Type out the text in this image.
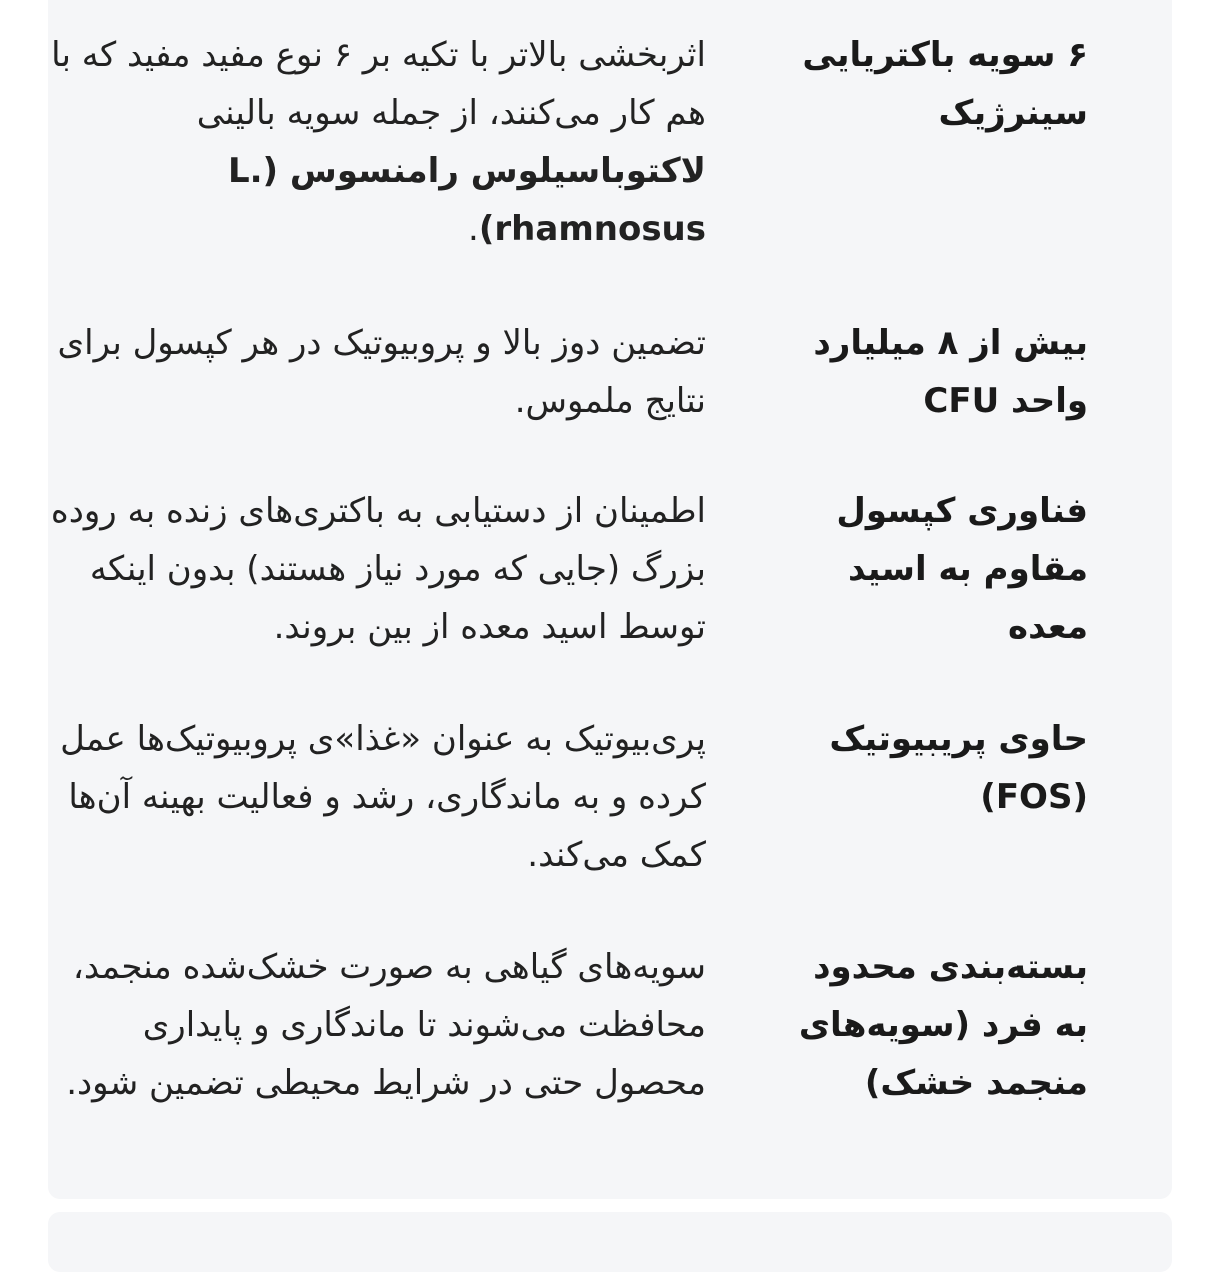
۶ سویه باکتریایی سینرژیک
اثربخشی بالاتر با تکیه بر ۶ نوع مفید مفید که با هم کار می‌کنند، از جمله سویه بالینی لاکتوباسیلوس رامنسوس (L. rhamnosus).
بیش از ۸ میلیارد واحد CFU
تضمین دوز بالا و پروبیوتیک در هر کپسول برای نتایج ملموس.
فناوری کپسول مقاوم به اسید معده
اطمینان از دستیابی به باکتری‌های زنده به روده بزرگ (جایی که مورد نیاز هستند) بدون اینکه توسط اسید معده از بین بروند.
حاوی پریبیوتیک (FOS)
پری‌بیوتیک به عنوان «غذا»ی پروبیوتیک‌ها عمل کرده و به ماندگاری، رشد و فعالیت بهینه آن‌ها کمک می‌کند.
بسته‌بندی محدود به فرد (سویه‌های منجمد خشک)
سویه‌های گیاهی به صورت خشک‌شده منجمد، محافظت می‌شوند تا ماندگاری و پایداری محصول حتی در شرایط محیطی تضمین شود.
